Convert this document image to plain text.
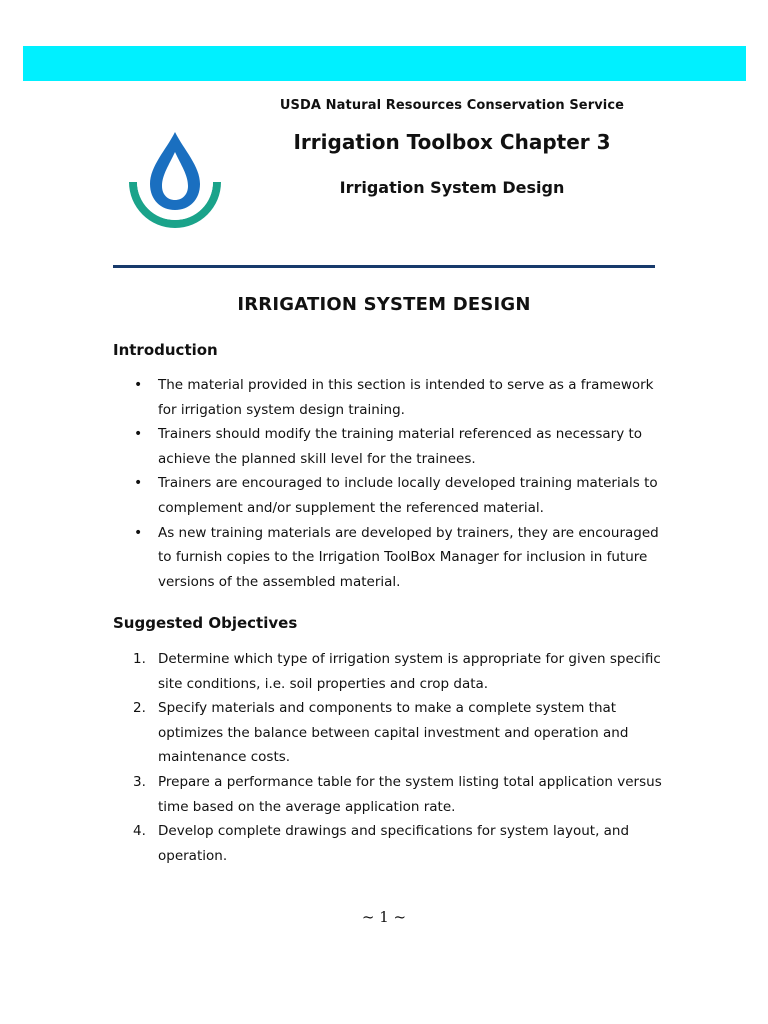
USDA Natural Resources Conservation Service
Irrigation Toolbox Chapter 3
Irrigation System Design
IRRIGATION SYSTEM DESIGN
Introduction
• The material provided in this section is intended to serve as a framework for irrigation system design training.
• Trainers should modify the training material referenced as necessary to achieve the planned skill level for the trainees.
• Trainers are encouraged to include locally developed training materials to complement and/or supplement the referenced material.
• As new training materials are developed by trainers, they are encouraged to furnish copies to the Irrigation ToolBox Manager for inclusion in future versions of the assembled material.
Suggested Objectives
1. Determine which type of irrigation system is appropriate for given specific site conditions, i.e. soil properties and crop data.
2. Specify materials and components to make a complete system that optimizes the balance between capital investment and operation and maintenance costs.
3. Prepare a performance table for the system listing total application versus time based on the average application rate.
4. Develop complete drawings and specifications for system layout, and operation.
~ 1 ~
